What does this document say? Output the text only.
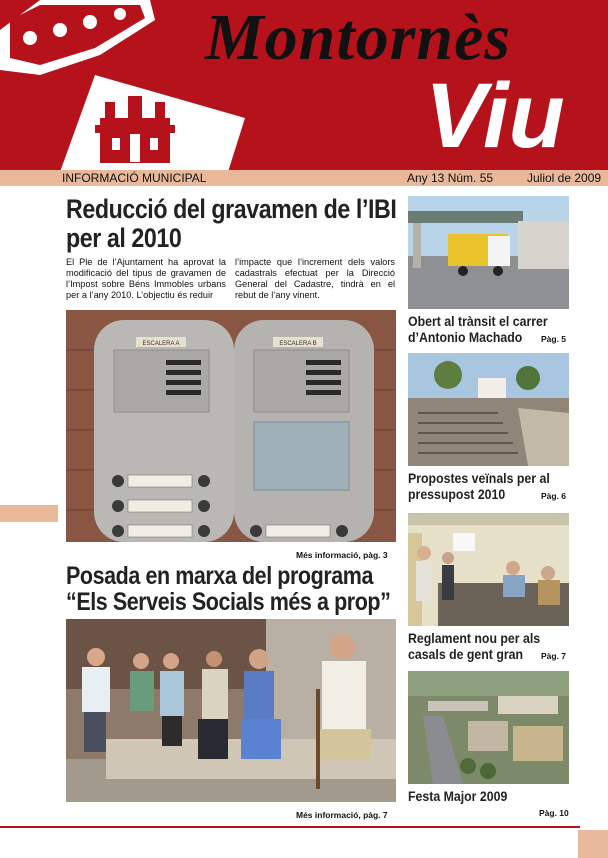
Montornès
Viu
INFORMACIÓ MUNICIPAL	Any 13 Núm. 55	Juliol de 2009
Reducció del gravamen de l’IBI
per al 2010
El Ple de l’Ajuntament ha aprovat la modificació del tipus de gravamen de l’Impost sobre Béns Immobles urbans per a l’any 2010. L’objectiu és reduir
l’impacte que l’increment dels valors cadastrals efectuat per la Direcció General del Cadastre, tindrà en el rebut de l’any vinent.
ESCALERA A	ESCALERA B
Més informació, pàg. 3
Posada en marxa del programa
“Els Serveis Socials més a prop”
Més informació, pàg. 7
Obert al trànsit el carrer
d’Antonio Machado Pàg. 5
Propostes veïnals per al
pressupost 2010	Pàg. 6
Reglament nou per als
casals de gent gran Pàg. 7
Festa Major 2009
Pàg. 10
